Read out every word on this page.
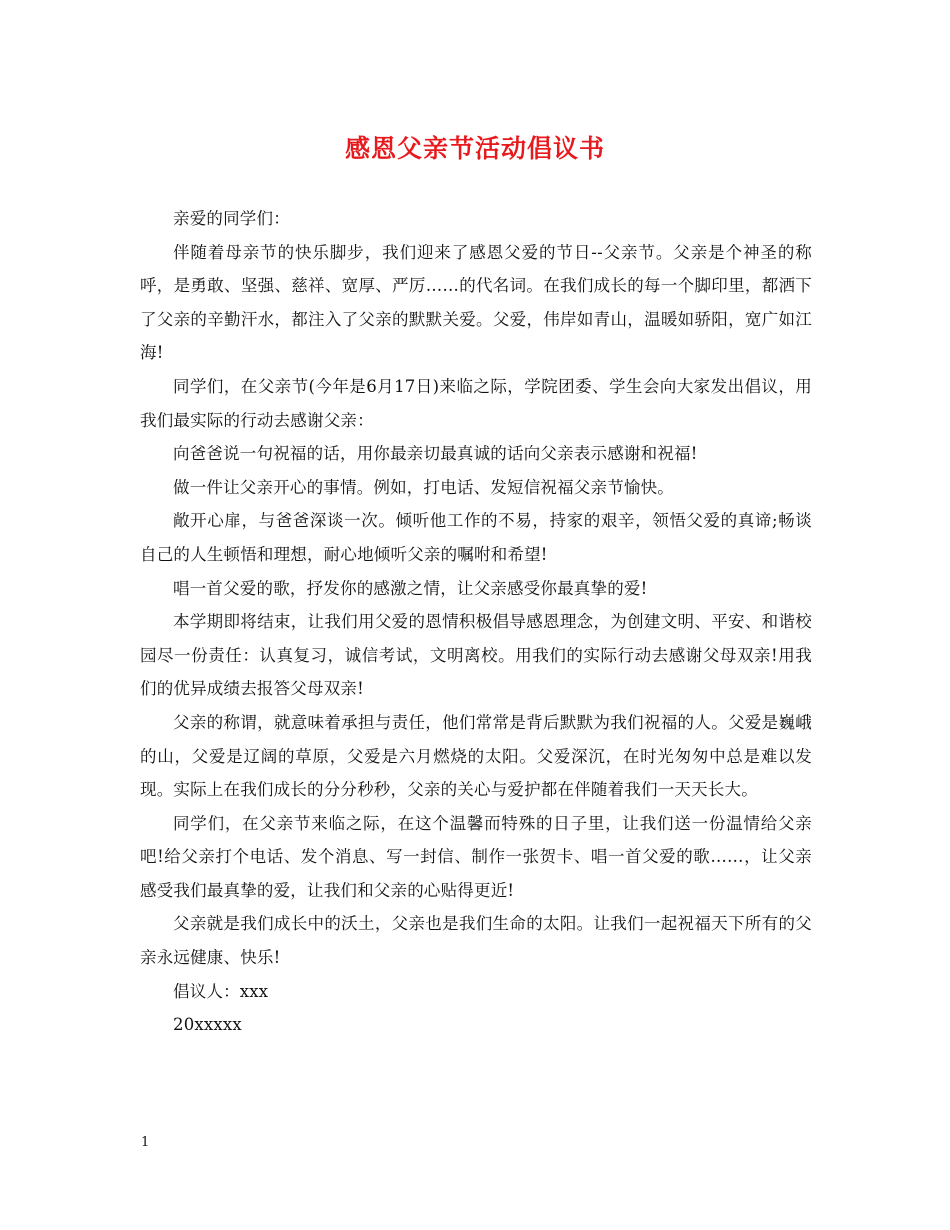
感恩父亲节活动倡议书

亲爱的同学们：

伴随着母亲节的快乐脚步，我们迎来了感恩父爱的节日--父亲节。父亲是个神圣的称呼，是勇敢、坚强、慈祥、宽厚、严厉……的代名词。在我们成长的每一个脚印里，都洒下了父亲的辛勤汗水，都注入了父亲的默默关爱。父爱，伟岸如青山，温暖如骄阳，宽广如江海!

同学们，在父亲节(今年是6月17日)来临之际，学院团委、学生会向大家发出倡议，用我们最实际的行动去感谢父亲：

向爸爸说一句祝福的话，用你最亲切最真诚的话向父亲表示感谢和祝福!

做一件让父亲开心的事情。例如，打电话、发短信祝福父亲节愉快。

敞开心扉，与爸爸深谈一次。倾听他工作的不易，持家的艰辛，领悟父爱的真谛;畅谈自己的人生顿悟和理想，耐心地倾听父亲的嘱咐和希望!

唱一首父爱的歌，抒发你的感激之情，让父亲感受你最真挚的爱!

本学期即将结束，让我们用父爱的恩情积极倡导感恩理念，为创建文明、平安、和谐校园尽一份责任：认真复习，诚信考试，文明离校。用我们的实际行动去感谢父母双亲!用我们的优异成绩去报答父母双亲!

父亲的称谓，就意味着承担与责任，他们常常是背后默默为我们祝福的人。父爱是巍峨的山，父爱是辽阔的草原，父爱是六月燃烧的太阳。父爱深沉，在时光匆匆中总是难以发现。实际上在我们成长的分分秒秒，父亲的关心与爱护都在伴随着我们一天天长大。

同学们，在父亲节来临之际，在这个温馨而特殊的日子里，让我们送一份温情给父亲吧!给父亲打个电话、发个消息、写一封信、制作一张贺卡、唱一首父爱的歌……，让父亲感受我们最真挚的爱，让我们和父亲的心贴得更近!

父亲就是我们成长中的沃土，父亲也是我们生命的太阳。让我们一起祝福天下所有的父亲永远健康、快乐!

倡议人：xxx

20xxxxx

1
